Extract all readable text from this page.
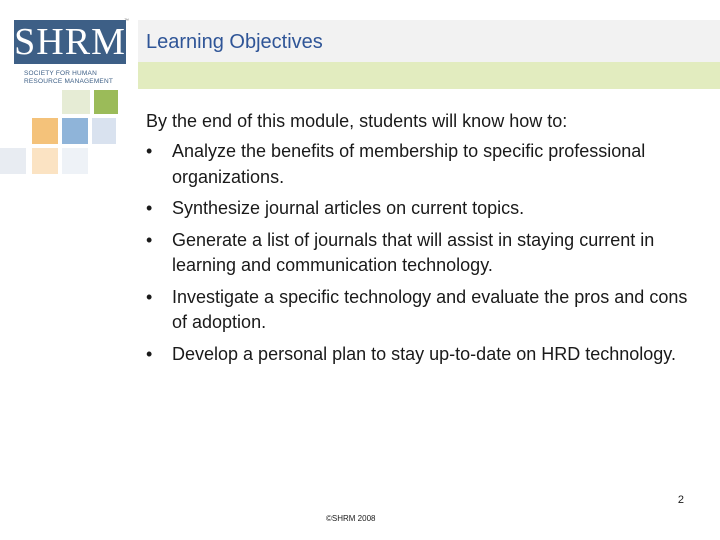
SHRM
™
SOCIETY FOR HUMAN
RESOURCE MANAGEMENT
Learning Objectives
By the end of this module, students will know how to:
•	Analyze the benefits of membership to specific professional organizations.
•	Synthesize journal articles on current topics.
•	Generate a list of journals that will assist in staying current in learning and communication technology.
•	Investigate a specific technology and evaluate the pros and cons of adoption.
•	Develop a personal plan to stay up-to-date on HRD technology.
2
©SHRM 2008
